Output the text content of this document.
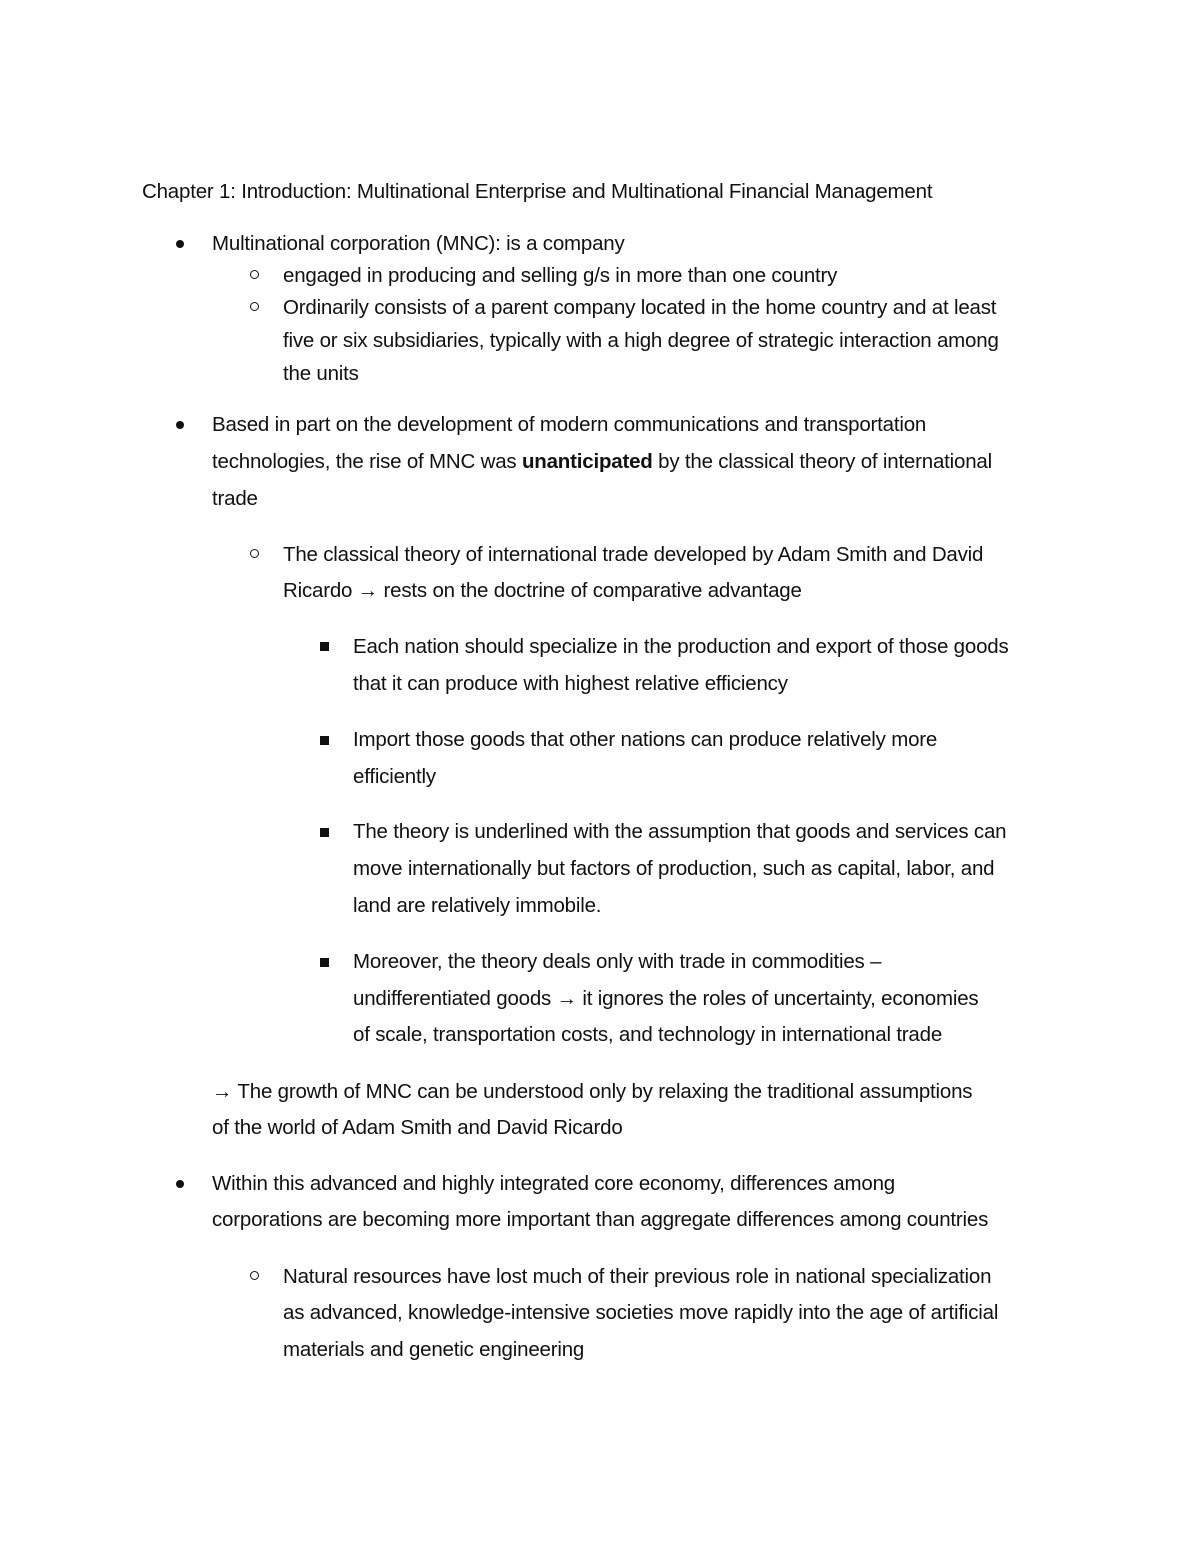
Chapter 1: Introduction: Multinational Enterprise and Multinational Financial Management
Multinational corporation (MNC): is a company
engaged in producing and selling g/s in more than one country
Ordinarily consists of a parent company located in the home country and at least
five or six subsidiaries, typically with a high degree of strategic interaction among
the units
Based in part on the development of modern communications and transportation
technologies, the rise of MNC was unanticipated by the classical theory of international
trade
The classical theory of international trade developed by Adam Smith and David
Ricardo → rests on the doctrine of comparative advantage
Each nation should specialize in the production and export of those goods
that it can produce with highest relative efficiency
Import those goods that other nations can produce relatively more
efficiently
The theory is underlined with the assumption that goods and services can
move internationally but factors of production, such as capital, labor, and
land are relatively immobile.
Moreover, the theory deals only with trade in commodities –
undifferentiated goods → it ignores the roles of uncertainty, economies
of scale, transportation costs, and technology in international trade
→ The growth of MNC can be understood only by relaxing the traditional assumptions
of the world of Adam Smith and David Ricardo
Within this advanced and highly integrated core economy, differences among
corporations are becoming more important than aggregate differences among countries
Natural resources have lost much of their previous role in national specialization
as advanced, knowledge-intensive societies move rapidly into the age of artificial
materials and genetic engineering
